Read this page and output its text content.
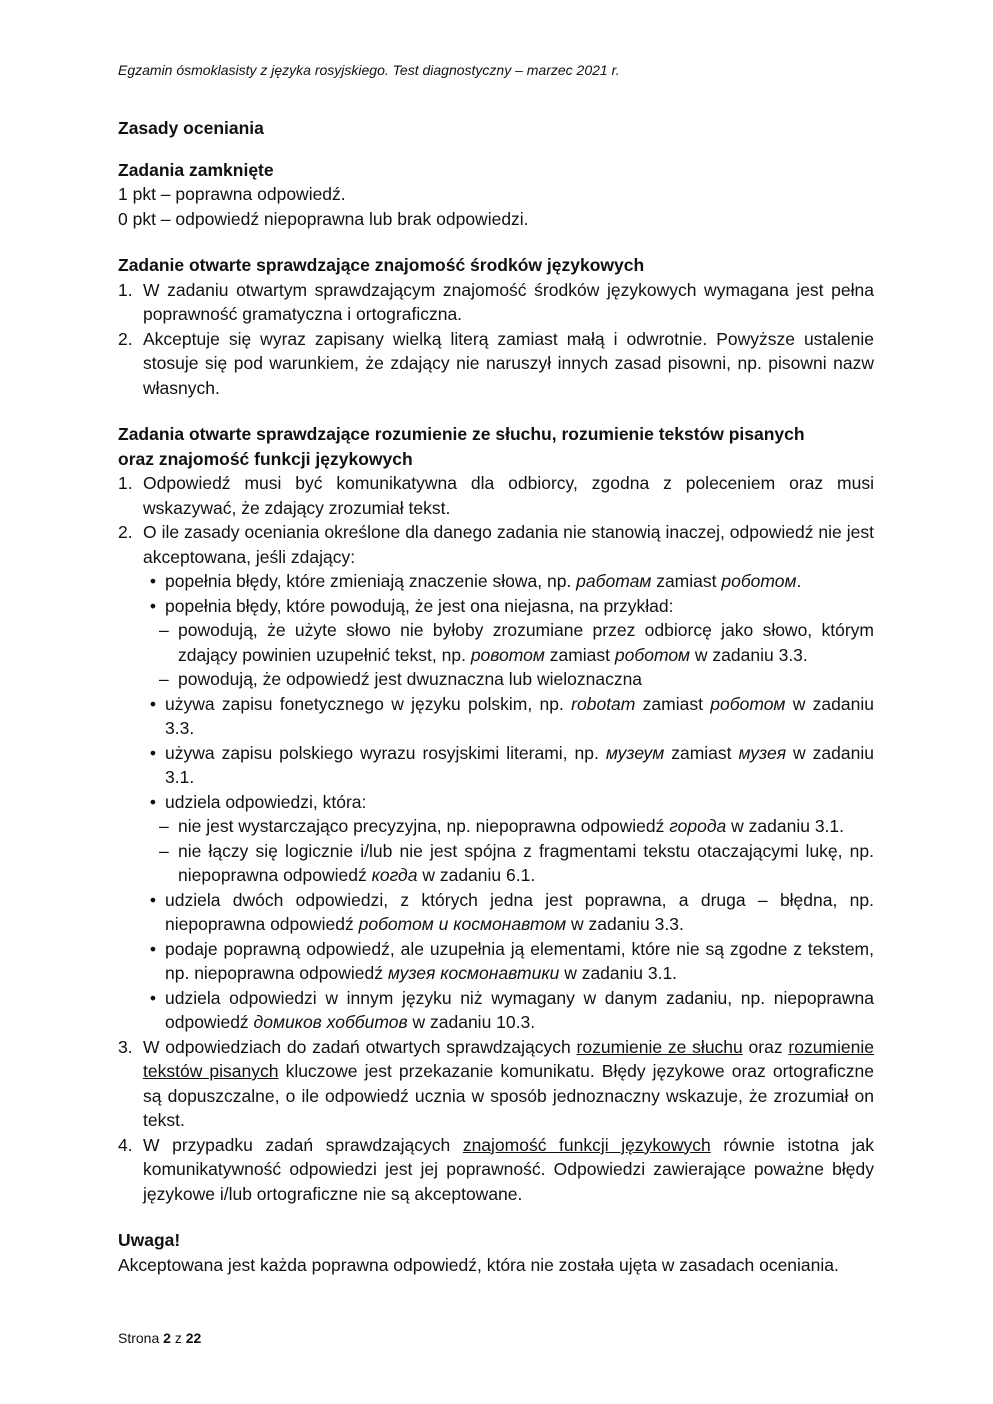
Egzamin ósmoklasisty z języka rosyjskiego. Test diagnostyczny – marzec 2021 r.

Zasady oceniania

Zadania zamknięte

1 pkt – poprawna odpowiedź.

0 pkt – odpowiedź niepoprawna lub brak odpowiedzi.

Zadanie otwarte sprawdzające znajomość środków językowych

1. W zadaniu otwartym sprawdzającym znajomość środków językowych wymagana jest pełna poprawność gramatyczna i ortograficzna.
2. Akceptuje się wyraz zapisany wielką literą zamiast małą i odwrotnie. Powyższe ustalenie stosuje się pod warunkiem, że zdający nie naruszył innych zasad pisowni, np. pisowni nazw własnych.

Zadania otwarte sprawdzające rozumienie ze słuchu, rozumienie tekstów pisanych

oraz znajomość funkcji językowych

1. Odpowiedź musi być komunikatywna dla odbiorcy, zgodna z poleceniem oraz musi wskazywać, że zdający zrozumiał tekst.
2. O ile zasady oceniania określone dla danego zadania nie stanowią inaczej, odpowiedź nie jest akceptowana, jeśli zdający:
• popełnia błędy, które zmieniają znaczenie słowa, np. работам zamiast роботом.
• popełnia błędy, które powodują, że jest ona niejasna, na przykład:
– powodują, że użyte słowo nie byłoby zrozumiane przez odbiorcę jako słowo, którym zdający powinien uzupełnić tekst, np. ровотом zamiast роботом w zadaniu 3.3.
– powodują, że odpowiedź jest dwuznaczna lub wieloznaczna
• używa zapisu fonetycznego w języku polskim, np. robotam zamiast роботом w zadaniu 3.3.
• używa zapisu polskiego wyrazu rosyjskimi literami, np. музеум zamiast музея w zadaniu 3.1.
• udziela odpowiedzi, która:
– nie jest wystarczająco precyzyjna, np. niepoprawna odpowiedź города w zadaniu 3.1.
– nie łączy się logicznie i/lub nie jest spójna z fragmentami tekstu otaczającymi lukę, np. niepoprawna odpowiedź когда w zadaniu 6.1.
• udziela dwóch odpowiedzi, z których jedna jest poprawna, a druga – błędna, np. niepoprawna odpowiedź роботом и космонавтом w zadaniu 3.3.
• podaje poprawną odpowiedź, ale uzupełnia ją elementami, które nie są zgodne z tekstem, np. niepoprawna odpowiedź музея космонавтики w zadaniu 3.1.
• udziela odpowiedzi w innym języku niż wymagany w danym zadaniu, np. niepoprawna odpowiedź домиков хоббитов w zadaniu 10.3.
3. W odpowiedziach do zadań otwartych sprawdzających rozumienie ze słuchu oraz rozumienie tekstów pisanych kluczowe jest przekazanie komunikatu. Błędy językowe oraz ortograficzne są dopuszczalne, o ile odpowiedź ucznia w sposób jednoznaczny wskazuje, że zrozumiał on tekst.
4. W przypadku zadań sprawdzających znajomość funkcji językowych równie istotna jak komunikatywność odpowiedzi jest jej poprawność. Odpowiedzi zawierające poważne błędy językowe i/lub ortograficzne nie są akceptowane.

Uwaga!

Akceptowana jest każda poprawna odpowiedź, która nie została ujęta w zasadach oceniania.

Strona 2 z 22
